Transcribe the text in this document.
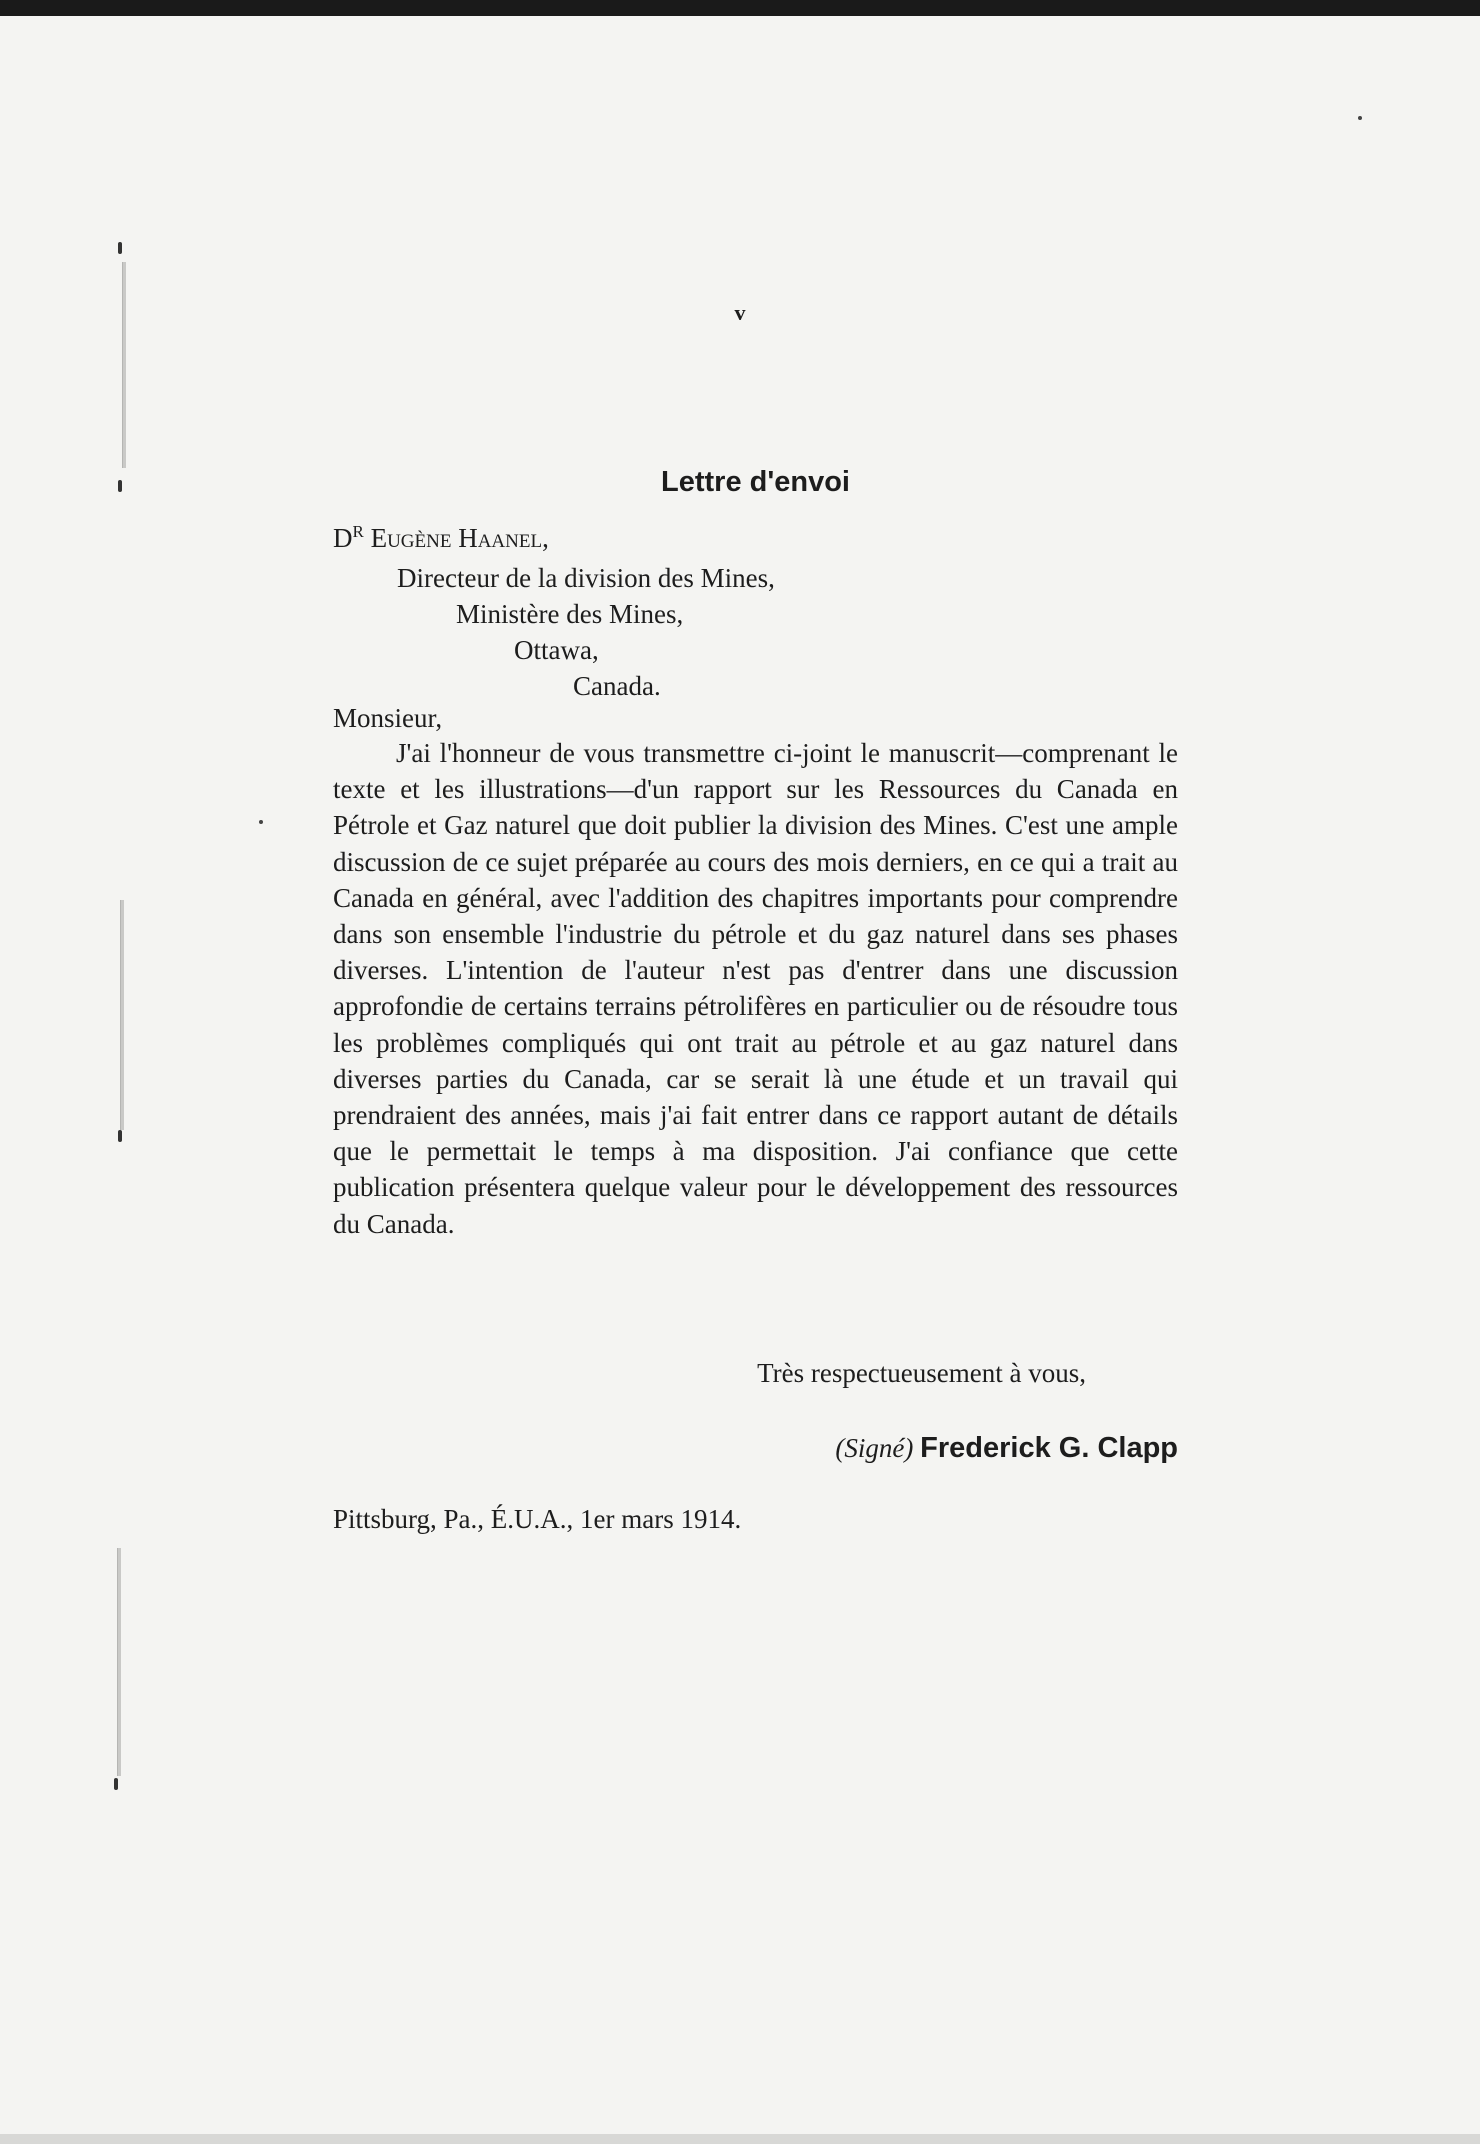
v
Lettre d'envoi
$D^R$ Eugène Haanel,
Directeur de la division des Mines,
Ministère des Mines,
Ottawa,
Canada.
Monsieur,

J'ai l'honneur de vous transmettre ci-joint le manuscrit—comprenant le texte et les illustrations—d'un rapport sur les Ressources du Canada en Pétrole et Gaz naturel que doit publier la division des Mines. C'est une ample discussion de ce sujet préparée au cours des mois derniers, en ce qui a trait au Canada en général, avec l'addition des chapitres importants pour comprendre dans son ensemble l'industrie du pétrole et du gaz naturel dans ses phases diverses. L'intention de l'auteur n'est pas d'entrer dans une discussion approfondie de certains terrains pétrolifères en particulier ou de résoudre tous les problèmes compliqués qui ont trait au pétrole et au gaz naturel dans diverses parties du Canada, car se serait là une étude et un travail qui prendraient des années, mais j'ai fait entrer dans ce rapport autant de détails que le permettait le temps à ma disposition. J'ai confiance que cette publication présentera quelque valeur pour le développement des ressources du Canada.

Très respectueusement à vous,
(Signé) Frederick G. Clapp
Pittsburg, Pa., É.U.A., 1er mars 1914.
